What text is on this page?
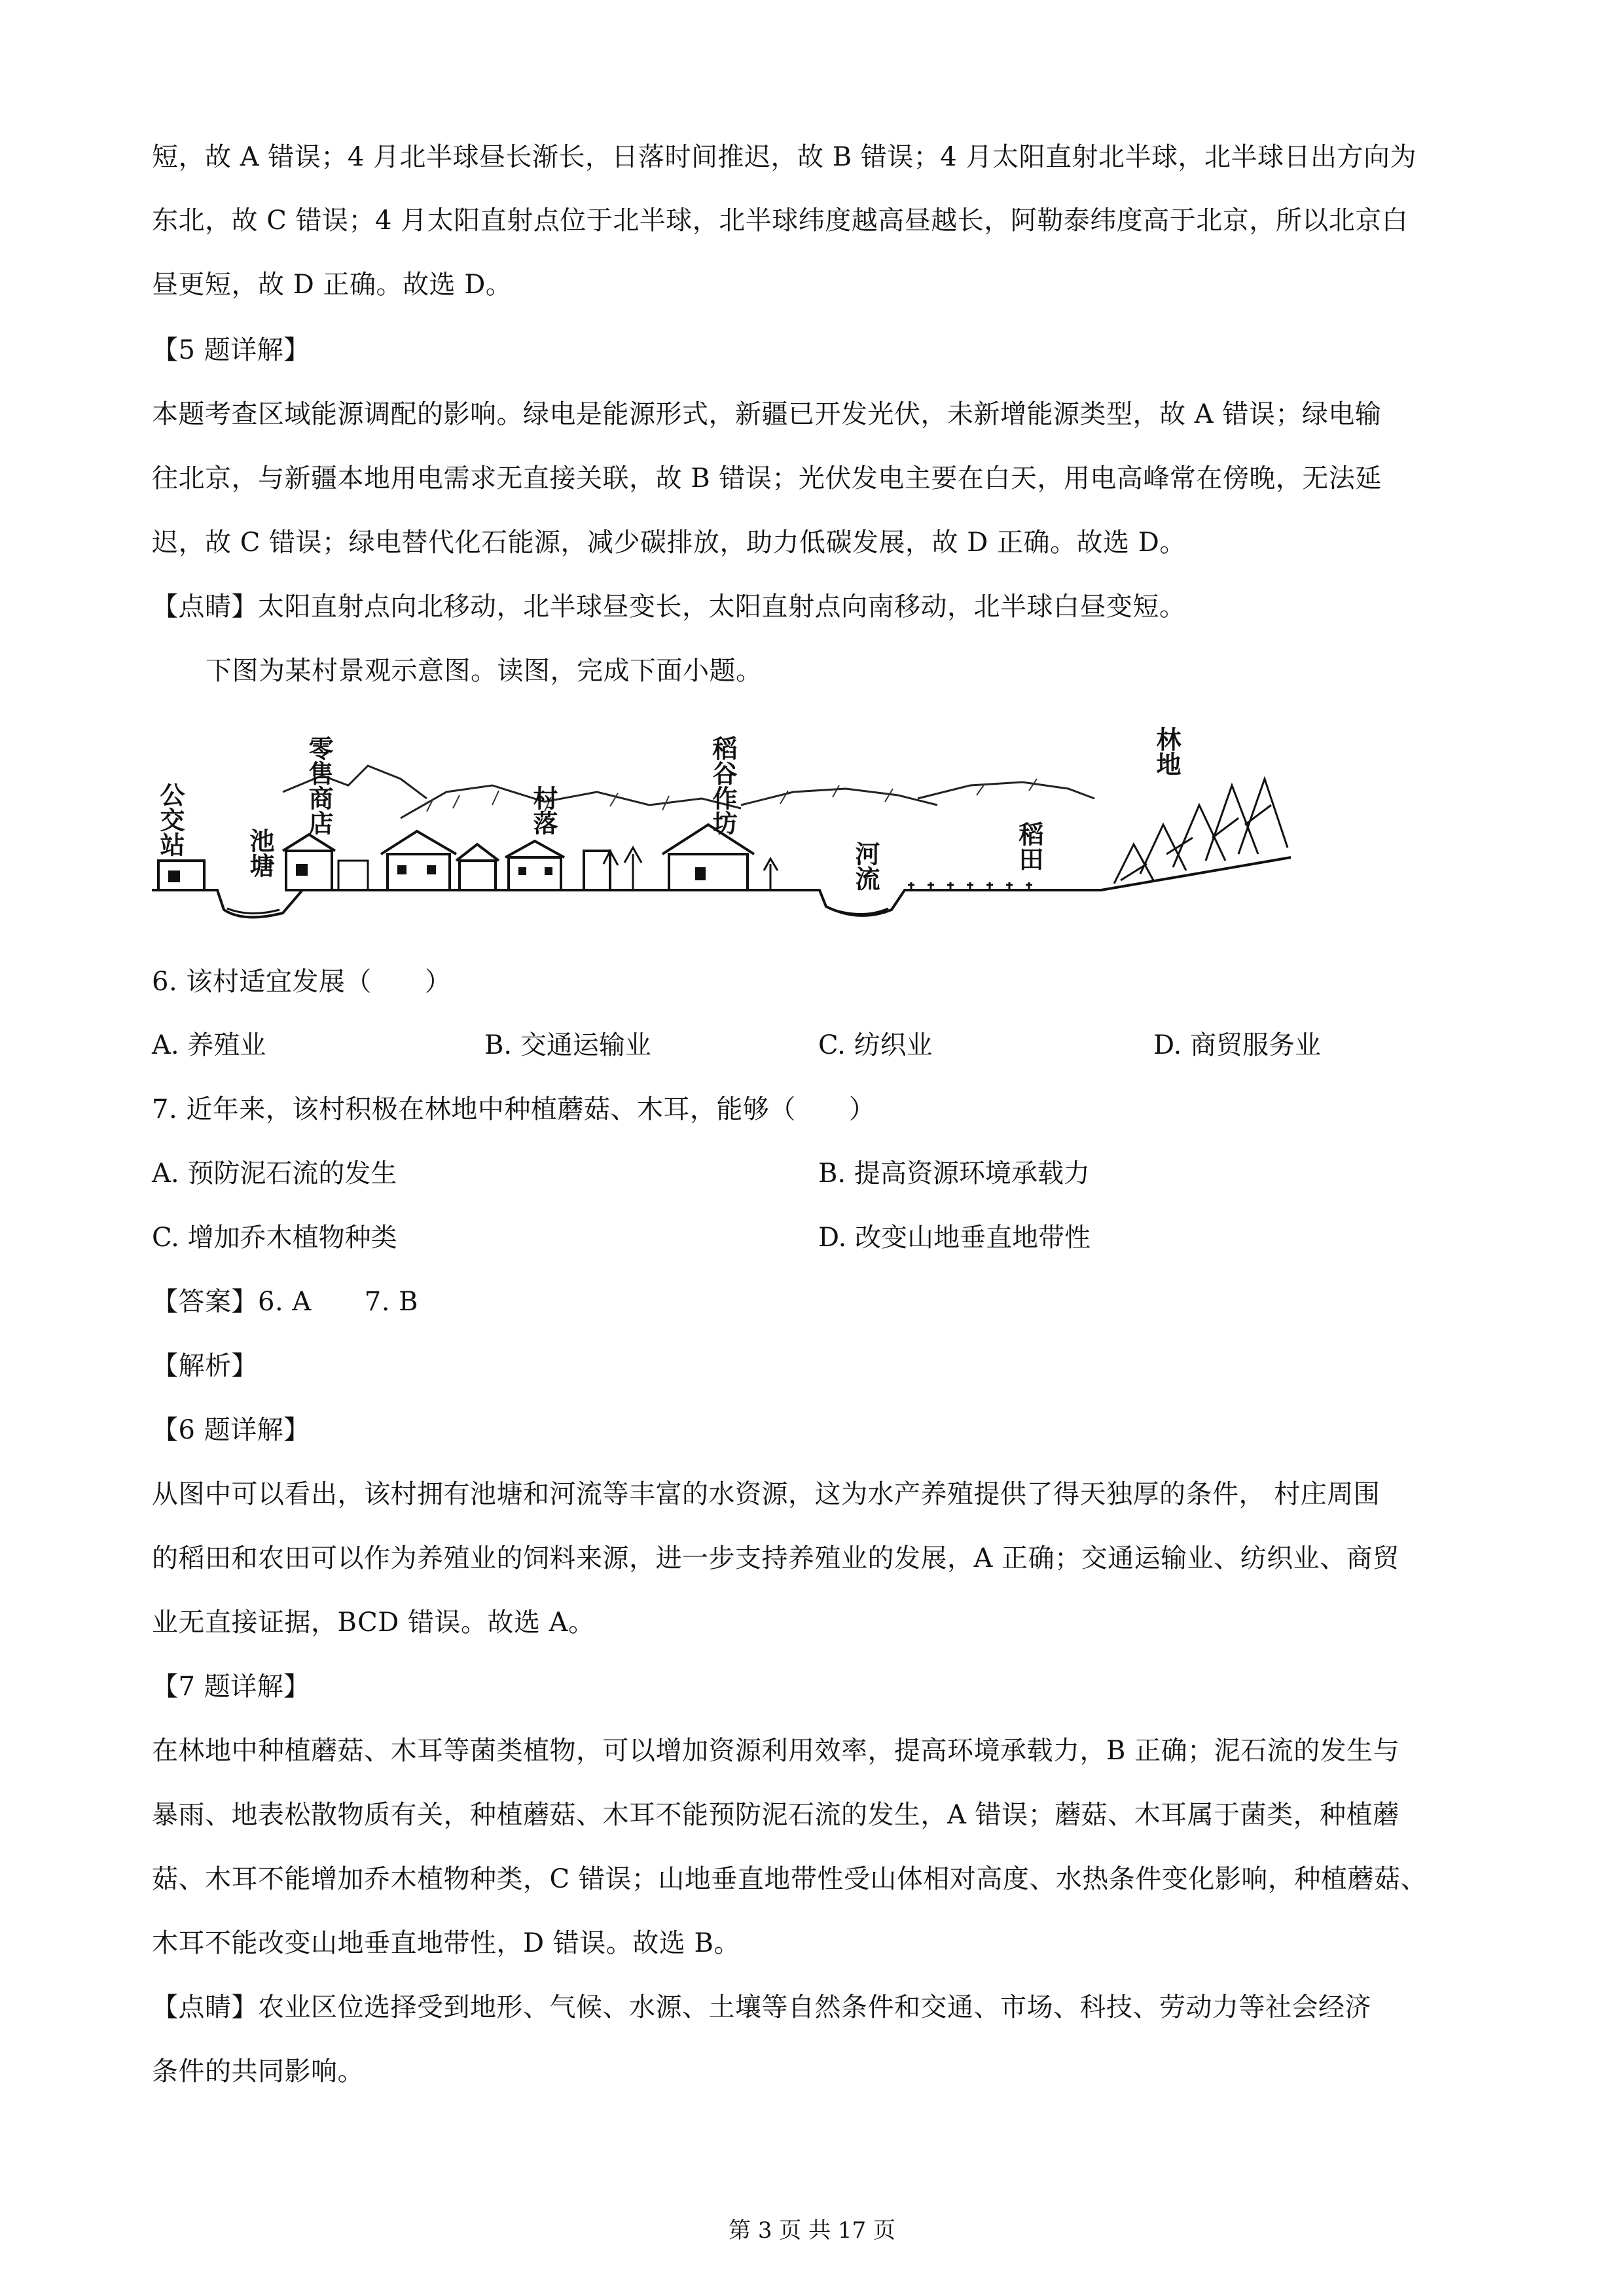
短，故 A 错误；4 月北半球昼长渐长，日落时间推迟，故 B 错误；4 月太阳直射北半球，北半球日出方向为
东北，故 C 错误；4 月太阳直射点位于北半球，北半球纬度越高昼越长，阿勒泰纬度高于北京，所以北京白
昼更短，故 D 正确。故选 D。
【5 题详解】
本题考查区域能源调配的影响。绿电是能源形式，新疆已开发光伏，未新增能源类型，故 A 错误；绿电输
往北京，与新疆本地用电需求无直接关联，故 B 错误；光伏发电主要在白天，用电高峰常在傍晚，无法延
迟，故 C 错误；绿电替代化石能源，减少碳排放，助力低碳发展，故 D 正确。故选 D。
【点睛】太阳直射点向北移动，北半球昼变长，太阳直射点向南移动，北半球白昼变短。
下图为某村景观示意图。读图，完成下面小题。
公交站	零售商店
池塘
村落	稻谷作坊
河流	稻田
林地
6. 该村适宜发展（　　）
A. 养殖业	B. 交通运输业	C. 纺织业	D. 商贸服务业
7. 近年来，该村积极在林地中种植蘑菇、木耳，能够（　　）
A. 预防泥石流的发生	B. 提高资源环境承载力
C. 增加乔木植物种类	D. 改变山地垂直地带性
【答案】6. A　　7. B
【解析】
【6 题详解】
从图中可以看出，该村拥有池塘和河流等丰富的水资源，这为水产养殖提供了得天独厚的条件， 村庄周围
的稻田和农田可以作为养殖业的饲料来源，进一步支持养殖业的发展，A 正确；交通运输业、纺织业、商贸
业无直接证据，BCD 错误。故选 A。
【7 题详解】
在林地中种植蘑菇、木耳等菌类植物，可以增加资源利用效率，提高环境承载力，B 正确；泥石流的发生与
暴雨、地表松散物质有关，种植蘑菇、木耳不能预防泥石流的发生，A 错误；蘑菇、木耳属于菌类，种植蘑
菇、木耳不能增加乔木植物种类，C 错误；山地垂直地带性受山体相对高度、水热条件变化影响，种植蘑菇、
木耳不能改变山地垂直地带性，D 错误。故选 B。
【点睛】农业区位选择受到地形、气候、水源、土壤等自然条件和交通、市场、科技、劳动力等社会经济
条件的共同影响。
第 3 页 共 17 页
